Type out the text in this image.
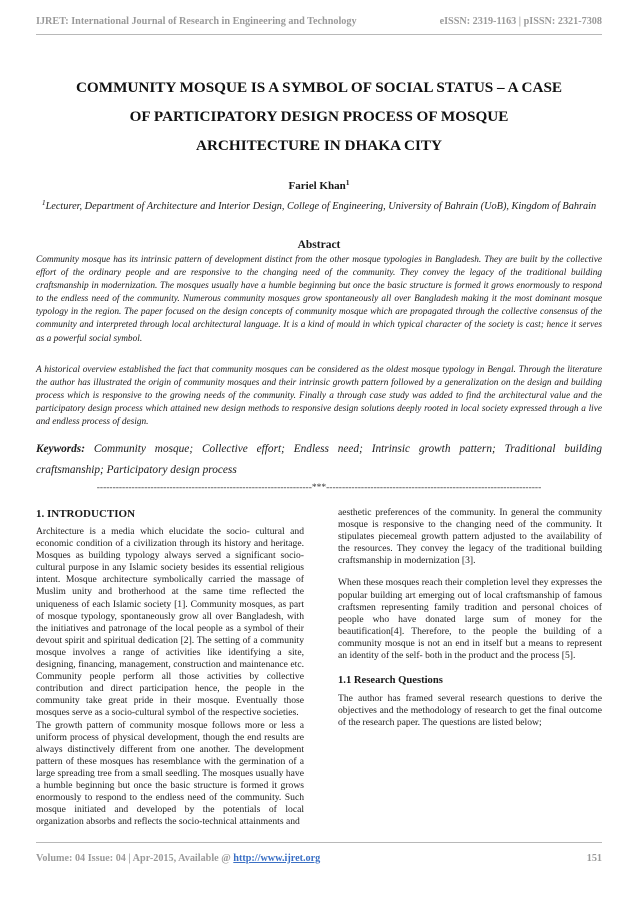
IJRET: International Journal of Research in Engineering and Technology	eISSN: 2319-1163 | pISSN: 2321-7308
COMMUNITY MOSQUE IS A SYMBOL OF SOCIAL STATUS – A CASE
OF PARTICIPATORY DESIGN PROCESS OF MOSQUE
ARCHITECTURE IN DHAKA CITY
Fariel Khan$^1$
$^1$Lecturer, Department of Architecture and Interior Design, College of Engineering, University of Bahrain (UoB), Kingdom of Bahrain
Abstract
Community mosque has its intrinsic pattern of development distinct from the other mosque typologies in Bangladesh. They are built by the collective effort of the ordinary people and are responsive to the changing need of the community. They convey the legacy of the traditional building craftsmanship in modernization. The mosques usually have a humble beginning but once the basic structure is formed it grows enormously to respond to the endless need of the community. Numerous community mosques grow spontaneously all over Bangladesh making it the most dominant mosque typology in the region. The paper focused on the design concepts of community mosque which are propagated through the collective consensus of the community and interpreted through local architectural language. It is a kind of mould in which typical character of the society is cast; hence it serves as a powerful social symbol.
A historical overview established the fact that community mosques can be considered as the oldest mosque typology in Bengal. Through the literature the author has illustrated the origin of community mosques and their intrinsic growth pattern followed by a generalization on the design and building process which is responsive to the growing needs of the community. Finally a through case study was added to find the architectural value and the participatory design process which attained new design methods to responsive design solutions deeply rooted in local society expressed through a live and endless process of design.
Keywords: Community mosque; Collective effort; Endless need; Intrinsic growth pattern; Traditional building craftsmanship; Participatory design process
--------------------------------------------------------------------***--------------------------------------------------------------------
1. INTRODUCTION

Architecture is a media which elucidate the socio- cultural and economic condition of a civilization through its history and heritage. Mosques as building typology always served a significant socio-cultural purpose in any Islamic society besides its essential religious intent. Mosque architecture symbolically carried the massage of Muslim unity and brotherhood at the same time reflected the uniqueness of each Islamic society [1]. Community mosques, as part of mosque typology, spontaneously grow all over Bangladesh, with the initiatives and patronage of the local people as a symbol of their devout spirit and spiritual dedication [2]. The setting of a community mosque involves a range of activities like identifying a site, designing, financing, management, construction and maintenance etc. Community people perform all those activities by collective contribution and direct participation hence, the people in the community take great pride in their mosque. Eventually those mosques serve as a socio-cultural symbol of the respective societies.

The growth pattern of community mosque follows more or less a uniform process of physical development, though the end results are always distinctively different from one another. The development pattern of these mosques has resemblance with the germination of a large spreading tree from a small seedling. The mosques usually have a humble beginning but once the basic structure is formed it grows enormously to respond to the endless need of the community. Such mosque initiated and developed by the potentials of local organization absorbs and reflects the socio-technical attainments and

aesthetic preferences of the community. In general the community mosque is responsive to the changing need of the community. It stipulates piecemeal growth pattern adjusted to the availability of the resources. They convey the legacy of the traditional building craftsmanship in modernization [3].

When these mosques reach their completion level they expresses the popular building art emerging out of local craftsmanship of famous craftsmen representing family tradition and personal choices of people who have donated large sum of money for the beautification[4]. Therefore, to the people the building of a community mosque is not an end in itself but a means to represent an identity of the self- both in the product and the process [5].

1.1 Research Questions

The author has framed several research questions to derive the objectives and the methodology of research to get the final outcome of the research paper. The questions are listed below;

Volume: 04 Issue: 04 | Apr-2015, Available @ http://www.ijret.org	151
